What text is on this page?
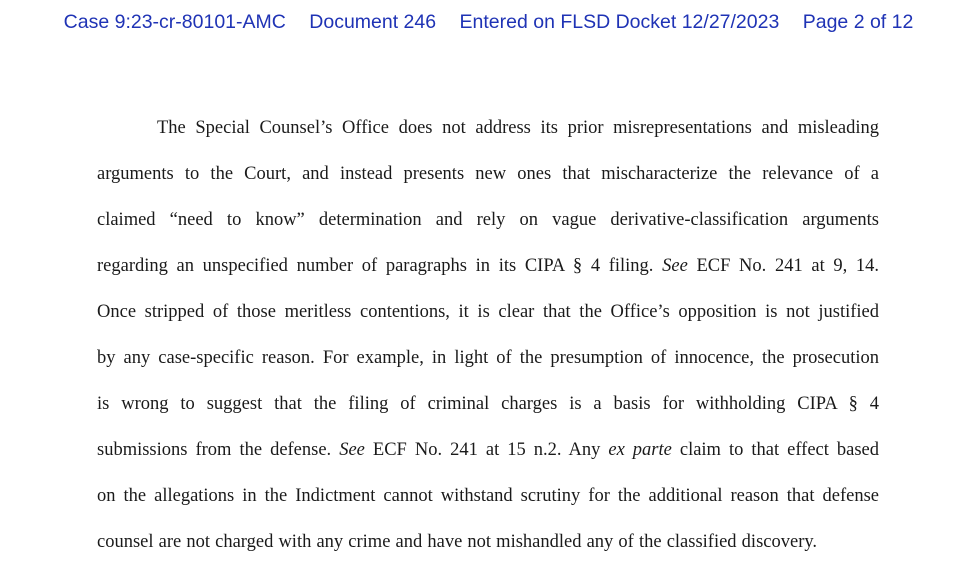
Case 9:23-cr-80101-AMC Document 246 Entered on FLSD Docket 12/27/2023 Page 2 of 12
The Special Counsel’s Office does not address its prior misrepresentations and misleading
arguments to the Court, and instead presents new ones that mischaracterize the relevance of a
claimed “need to know” determination and rely on vague derivative-classification arguments
regarding an unspecified number of paragraphs in its CIPA § 4 filing. See ECF No. 241 at 9, 14.
Once stripped of those meritless contentions, it is clear that the Office’s opposition is not justified
by any case-specific reason. For example, in light of the presumption of innocence, the prosecution
is wrong to suggest that the filing of criminal charges is a basis for withholding CIPA § 4
submissions from the defense. See ECF No. 241 at 15 n.2. Any ex parte claim to that effect based
on the allegations in the Indictment cannot withstand scrutiny for the additional reason that defense
counsel are not charged with any crime and have not mishandled any of the classified discovery.
